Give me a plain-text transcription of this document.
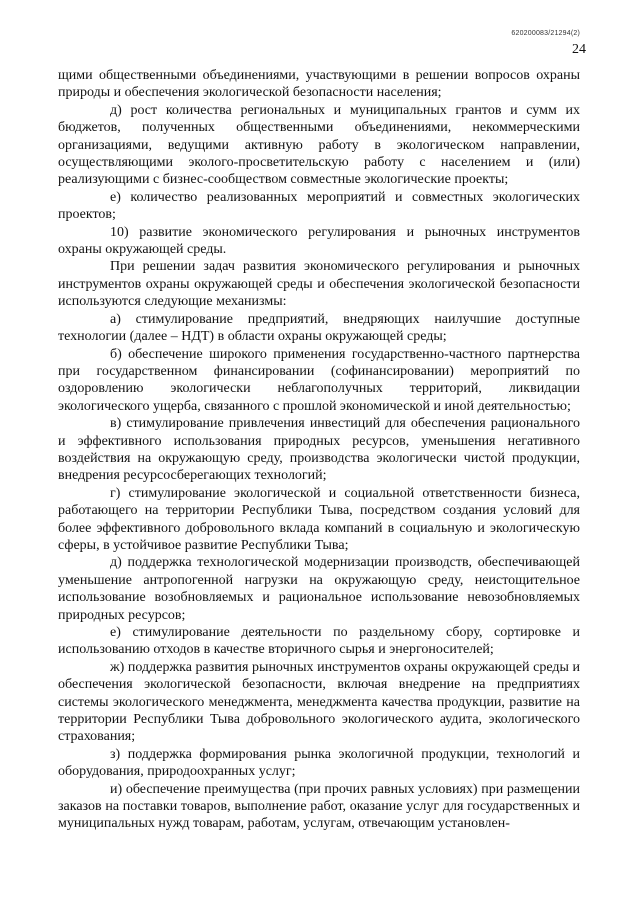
620200083/21294(2)
24

щими общественными объединениями, участвующими в решении вопросов охраны природы и обеспечения экологической безопасности населения;

д) рост количества региональных и муниципальных грантов и сумм их бюджетов, полученных общественными объединениями, некоммерческими организациями, ведущими активную работу в экологическом направлении, осуществляющими эколого-просветительскую работу с населением и (или) реализующими с бизнес-сообществом совместные экологические проекты;

е) количество реализованных мероприятий и совместных экологических проектов;

10) развитие экономического регулирования и рыночных инструментов охраны окружающей среды.

При решении задач развития экономического регулирования и рыночных инструментов охраны окружающей среды и обеспечения экологической безопасности используются следующие механизмы:

а) стимулирование предприятий, внедряющих наилучшие доступные технологии (далее – НДТ) в области охраны окружающей среды;

б) обеспечение широкого применения государственно-частного партнерства при государственном финансировании (софинансировании) мероприятий по оздоровлению экологически неблагополучных территорий, ликвидации экологического ущерба, связанного с прошлой экономической и иной деятельностью;

в) стимулирование привлечения инвестиций для обеспечения рационального и эффективного использования природных ресурсов, уменьшения негативного воздействия на окружающую среду, производства экологически чистой продукции, внедрения ресурсосберегающих технологий;

г) стимулирование экологической и социальной ответственности бизнеса, работающего на территории Республики Тыва, посредством создания условий для более эффективного добровольного вклада компаний в социальную и экологическую сферы, в устойчивое развитие Республики Тыва;

д) поддержка технологической модернизации производств, обеспечивающей уменьшение антропогенной нагрузки на окружающую среду, неистощительное использование возобновляемых и рациональное использование невозобновляемых природных ресурсов;

е) стимулирование деятельности по раздельному сбору, сортировке и использованию отходов в качестве вторичного сырья и энергоносителей;

ж) поддержка развития рыночных инструментов охраны окружающей среды и обеспечения экологической безопасности, включая внедрение на предприятиях системы экологического менеджмента, менеджмента качества продукции, развитие на территории Республики Тыва добровольного экологического аудита, экологического страхования;

з) поддержка формирования рынка экологичной продукции, технологий и оборудования, природоохранных услуг;

и) обеспечение преимущества (при прочих равных условиях) при размещении заказов на поставки товаров, выполнение работ, оказание услуг для государственных и муниципальных нужд товарам, работам, услугам, отвечающим установлен-
